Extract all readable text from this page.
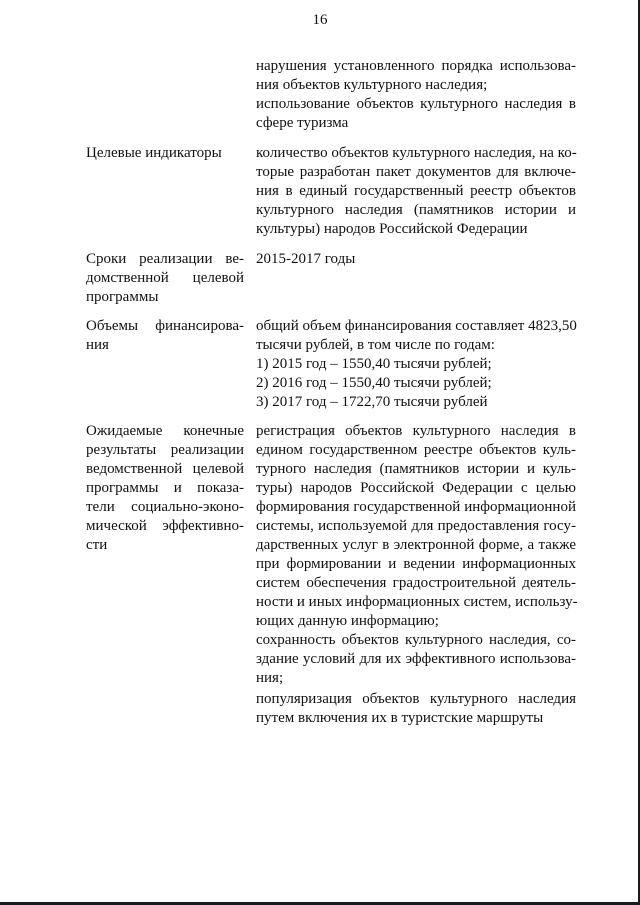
16
нарушения установленного порядка использова-
ния объектов культурного наследия;
использование объектов культурного наследия в
сфере туризма
Целевые индикаторы	количество объектов культурного наследия, на ко-
торые разработан пакет документов для включе-
ния в единый государственный реестр объектов
культурного наследия (памятников истории и
культуры) народов Российской Федерации
Сроки реализации ве-
домственной целевой
программы
2015-2017 годы
Объемы финансирова-
ния
общий объем финансирования составляет 4823,50
тысячи рублей, в том числе по годам:
1) 2015 год – 1550,40 тысячи рублей;
2) 2016 год – 1550,40 тысячи рублей;
3) 2017 год – 1722,70 тысячи рублей
Ожидаемые конечные
результаты реализации
ведомственной целевой
программы и показа-
тели социально-эконо-
мической эффективно-
сти
регистрация объектов культурного наследия в
едином государственном реестре объектов куль-
турного наследия (памятников истории и куль-
туры) народов Российской Федерации с целью
формирования государственной информационной
системы, используемой для предоставления госу-
дарственных услуг в электронной форме, а также
при формировании и ведении информационных
систем обеспечения градостроительной деятель-
ности и иных информационных систем, использу-
ющих данную информацию;
сохранность объектов культурного наследия, со-
здание условий для их эффективного использова-
ния;
популяризация объектов культурного наследия
путем включения их в туристские маршруты
